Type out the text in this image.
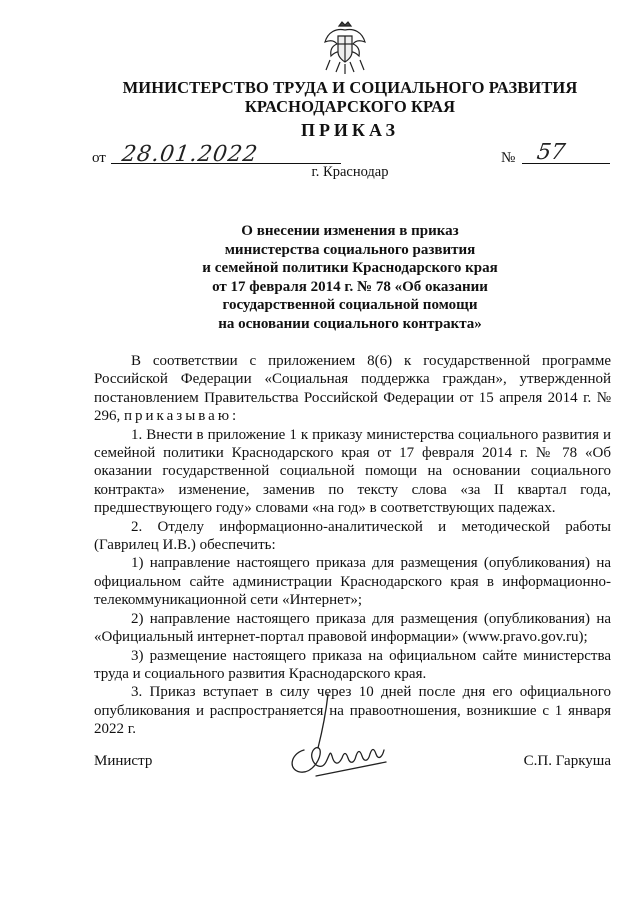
МИНИСТЕРСТВО ТРУДА И СОЦИАЛЬНОГО РАЗВИТИЯ
КРАСНОДАРСКОГО КРАЯ
ПРИКАЗ
от 28.01.2022	№ 57
г. Краснодар
О внесении изменения в приказ
министерства социального развития
и семейной политики Краснодарского края
от 17 февраля 2014 г. № 78 «Об оказании
государственной социальной помощи
на основании социального контракта»

В соответствии с приложением 8(6) к государственной программе Российской Федерации «Социальная поддержка граждан», утвержденной постановлением Правительства Российской Федерации от 15 апреля 2014 г. № 296, приказываю:

1. Внести в приложение 1 к приказу министерства социального развития и семейной политики Краснодарского края от 17 февраля 2014 г. № 78 «Об оказании государственной социальной помощи на основании социального контракта» изменение, заменив по тексту слова «за II квартал года, предшествующего году» словами «на год» в соответствующих падежах.

2. Отделу информационно-аналитической и методической работы (Гаврилец И.В.) обеспечить:

1) направление настоящего приказа для размещения (опубликования) на официальном сайте администрации Краснодарского края в информационно-телекоммуникационной сети «Интернет»;

2) направление настоящего приказа для размещения (опубликования) на «Официальный интернет-портал правовой информации» (www.pravo.gov.ru);

3) размещение настоящего приказа на официальном сайте министерства труда и социального развития Краснодарского края.

3. Приказ вступает в силу через 10 дней после дня его официального опубликования и распространяется на правоотношения, возникшие с 1 января 2022 г.

Министр	С.П. Гаркуша
